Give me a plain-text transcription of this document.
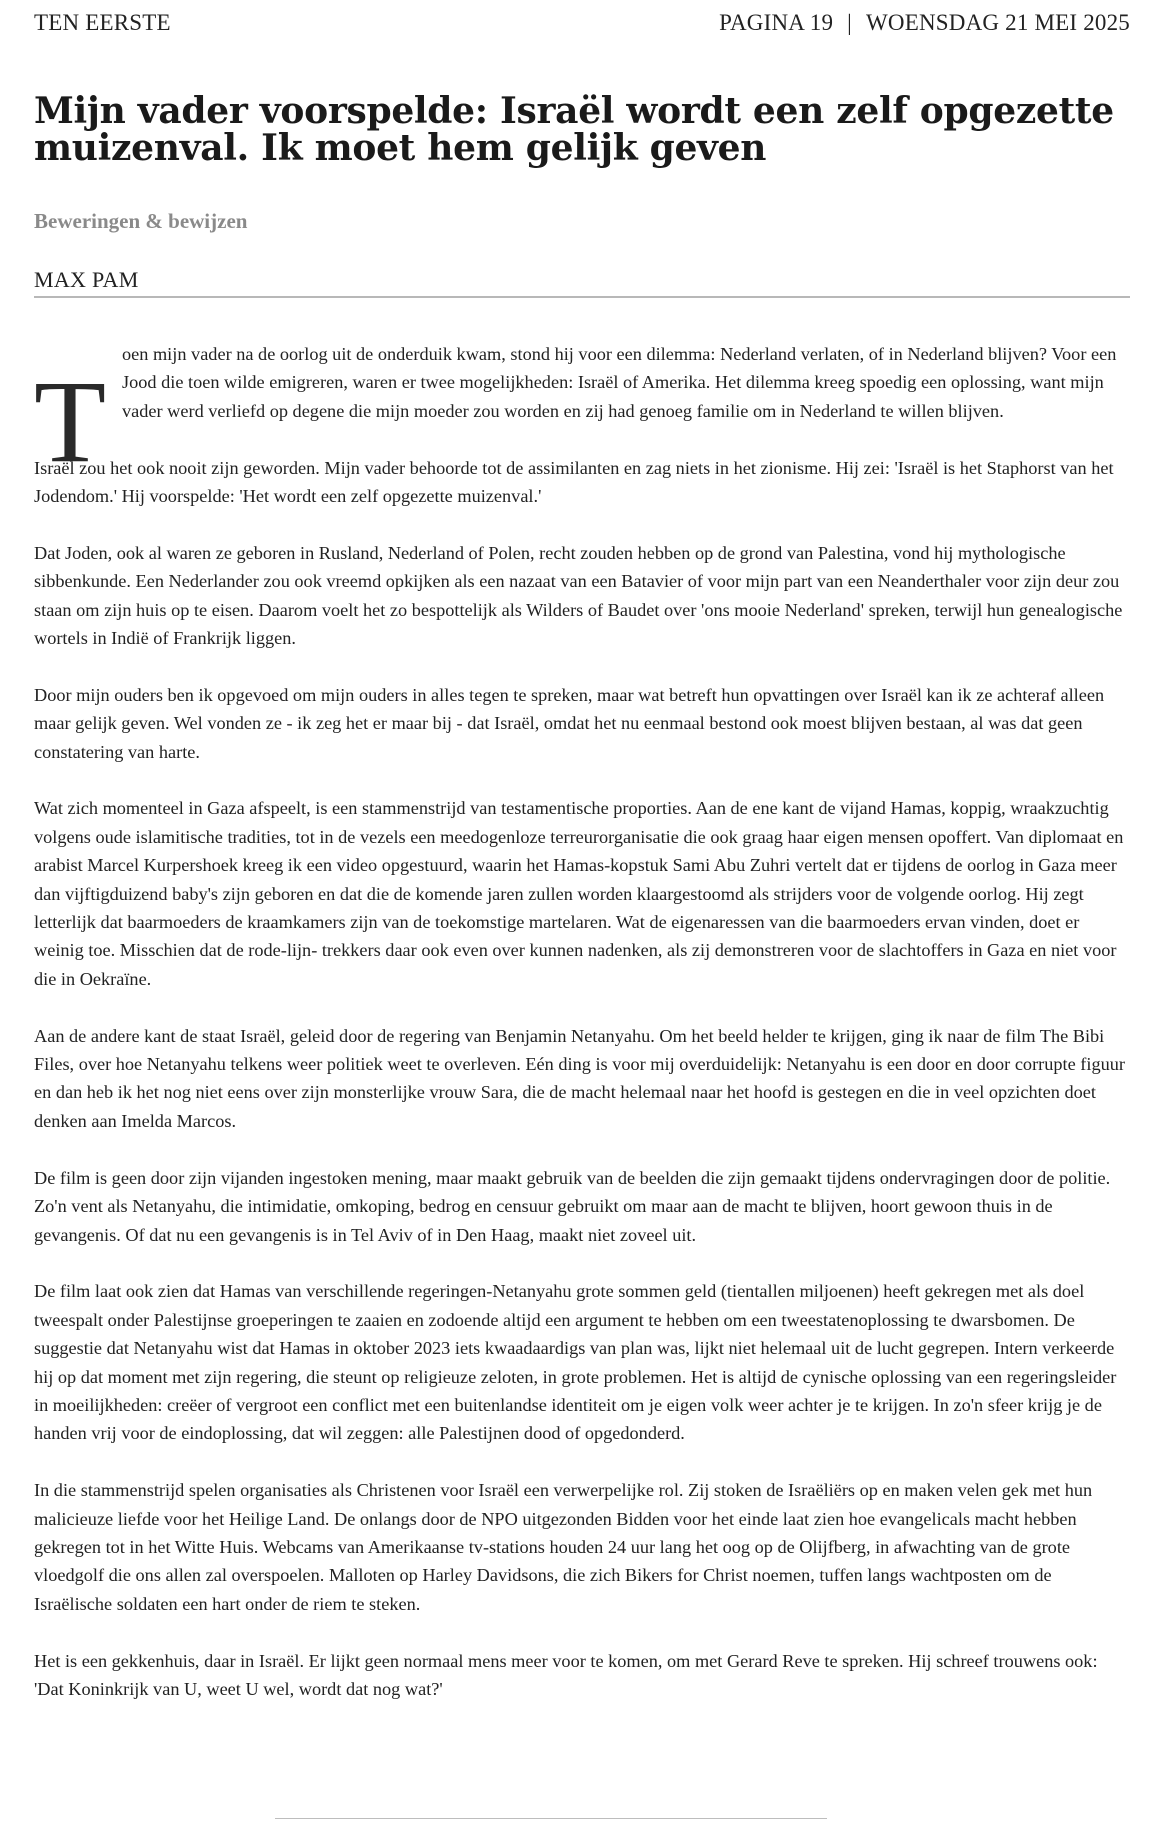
TEN EERSTE	PAGINA 19 | WOENSDAG 21 MEI 2025
Mijn vader voorspelde: Israël wordt een zelf opgezette muizenval. Ik moet hem gelijk geven
Beweringen & bewijzen
MAX PAM
T

oen mijn vader na de oorlog uit de onderduik kwam, stond hij voor een dilemma: Nederland verlaten, of in Nederland blijven? Voor een Jood die toen wilde emigreren, waren er twee mogelijkheden: Israël of Amerika. Het dilemma kreeg spoedig een oplossing, want mijn vader werd verliefd op degene die mijn moeder zou worden en zij had genoeg familie om in Nederland te willen blijven.

Israël zou het ook nooit zijn geworden. Mijn vader behoorde tot de assimilanten en zag niets in het zionisme. Hij zei: 'Israël is het Staphorst van het Jodendom.' Hij voorspelde: 'Het wordt een zelf opgezette muizenval.'

Dat Joden, ook al waren ze geboren in Rusland, Nederland of Polen, recht zouden hebben op de grond van Palestina, vond hij mythologische sibbenkunde. Een Nederlander zou ook vreemd opkijken als een nazaat van een Batavier of voor mijn part van een Neanderthaler voor zijn deur zou staan om zijn huis op te eisen. Daarom voelt het zo bespottelijk als Wilders of Baudet over 'ons mooie Nederland' spreken, terwijl hun genealogische wortels in Indië of Frankrijk liggen.

Door mijn ouders ben ik opgevoed om mijn ouders in alles tegen te spreken, maar wat betreft hun opvattingen over Israël kan ik ze achteraf alleen maar gelijk geven. Wel vonden ze - ik zeg het er maar bij - dat Israël, omdat het nu eenmaal bestond ook moest blijven bestaan, al was dat geen constatering van harte.

Wat zich momenteel in Gaza afspeelt, is een stammenstrijd van testamentische proporties. Aan de ene kant de vijand Hamas, koppig, wraakzuchtig volgens oude islamitische tradities, tot in de vezels een meedogenloze terreurorganisatie die ook graag haar eigen mensen opoffert. Van diplomaat en arabist Marcel Kurpershoek kreeg ik een video opgestuurd, waarin het Hamas-kopstuk Sami Abu Zuhri vertelt dat er tijdens de oorlog in Gaza meer dan vijftigduizend baby's zijn geboren en dat die de komende jaren zullen worden klaargestoomd als strijders voor de volgende oorlog. Hij zegt letterlijk dat baarmoeders de kraamkamers zijn van de toekomstige martelaren. Wat de eigenaressen van die baarmoeders ervan vinden, doet er weinig toe. Misschien dat de rode-lijn- trekkers daar ook even over kunnen nadenken, als zij demonstreren voor de slachtoffers in Gaza en niet voor die in Oekraïne.

Aan de andere kant de staat Israël, geleid door de regering van Benjamin Netanyahu. Om het beeld helder te krijgen, ging ik naar de film The Bibi Files, over hoe Netanyahu telkens weer politiek weet te overleven. Eén ding is voor mij overduidelijk: Netanyahu is een door en door corrupte figuur en dan heb ik het nog niet eens over zijn monsterlijke vrouw Sara, die de macht helemaal naar het hoofd is gestegen en die in veel opzichten doet denken aan Imelda Marcos.

De film is geen door zijn vijanden ingestoken mening, maar maakt gebruik van de beelden die zijn gemaakt tijdens ondervragingen door de politie. Zo'n vent als Netanyahu, die intimidatie, omkoping, bedrog en censuur gebruikt om maar aan de macht te blijven, hoort gewoon thuis in de gevangenis. Of dat nu een gevangenis is in Tel Aviv of in Den Haag, maakt niet zoveel uit.

De film laat ook zien dat Hamas van verschillende regeringen-Netanyahu grote sommen geld (tientallen miljoenen) heeft gekregen met als doel tweespalt onder Palestijnse groeperingen te zaaien en zodoende altijd een argument te hebben om een tweestatenoplossing te dwarsbomen. De suggestie dat Netanyahu wist dat Hamas in oktober 2023 iets kwaadaardigs van plan was, lijkt niet helemaal uit de lucht gegrepen. Intern verkeerde hij op dat moment met zijn regering, die steunt op religieuze zeloten, in grote problemen. Het is altijd de cynische oplossing van een regeringsleider in moeilijkheden: creëer of vergroot een conflict met een buitenlandse identiteit om je eigen volk weer achter je te krijgen. In zo'n sfeer krijg je de handen vrij voor de eindoplossing, dat wil zeggen: alle Palestijnen dood of opgedonderd.

In die stammenstrijd spelen organisaties als Christenen voor Israël een verwerpelijke rol. Zij stoken de Israëliërs op en maken velen gek met hun malicieuze liefde voor het Heilige Land. De onlangs door de NPO uitgezonden Bidden voor het einde laat zien hoe evangelicals macht hebben gekregen tot in het Witte Huis. Webcams van Amerikaanse tv-stations houden 24 uur lang het oog op de Olijfberg, in afwachting van de grote vloedgolf die ons allen zal overspoelen. Malloten op Harley Davidsons, die zich Bikers for Christ noemen, tuffen langs wachtposten om de Israëlische soldaten een hart onder de riem te steken.

Het is een gekkenhuis, daar in Israël. Er lijkt geen normaal mens meer voor te komen, om met Gerard Reve te spreken. Hij schreef trouwens ook: 'Dat Koninkrijk van U, weet U wel, wordt dat nog wat?'
